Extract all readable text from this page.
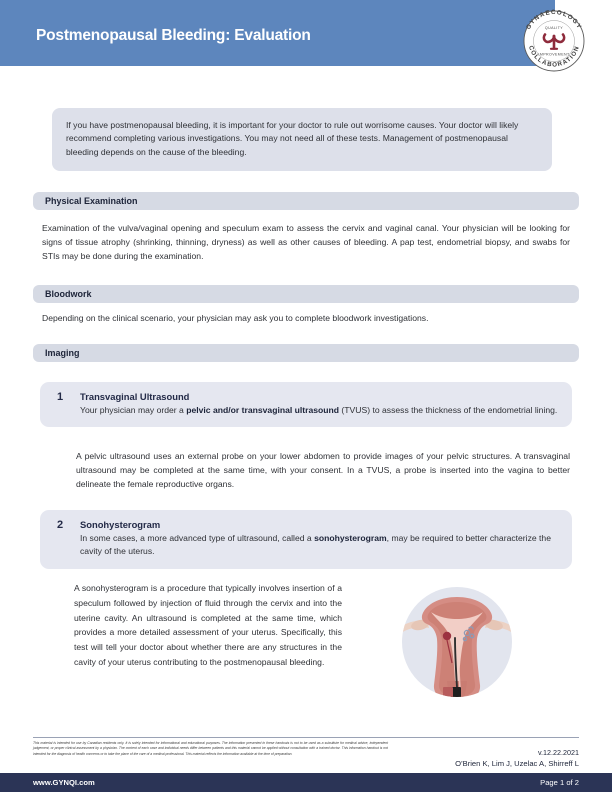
Postmenopausal Bleeding: Evaluation
GYNAECOLOGY
COLLABORATION
QUALITY
IMPROVEMENT
If you have postmenopausal bleeding, it is important for your doctor to rule out worrisome causes. Your doctor will likely recommend completing various investigations. You may not need all of these tests. Management of postmenopausal bleeding depends on the cause of the bleeding.
Physical Examination
Examination of the vulva/vaginal opening and speculum exam to assess the cervix and vaginal canal. Your physician will be looking for signs of tissue atrophy (shrinking, thinning, dryness) as well as other causes of bleeding. A pap test, endometrial biopsy, and swabs for STIs may be done during the examination.
Bloodwork
Depending on the clinical scenario, your physician may ask you to complete bloodwork investigations.
Imaging
1 Transvaginal Ultrasound
Your physician may order a pelvic and/or transvaginal ultrasound (TVUS) to assess the thickness of the endometrial lining.
A pelvic ultrasound uses an external probe on your lower abdomen to provide images of your pelvic structures. A transvaginal ultrasound may be completed at the same time, with your consent. In a TVUS, a probe is inserted into the vagina to better delineate the female reproductive organs.
2 Sonohysterogram
In some cases, a more advanced type of ultrasound, called a sonohysterogram, may be required to better characterize the cavity of the uterus.
A sonohysterogram is a procedure that typically involves insertion of a speculum followed by injection of fluid through the cervix and into the uterine cavity. An ultrasound is completed at the same time, which provides a more detailed assessment of your uterus. Specifically, this test will tell your doctor about whether there are any structures in the cavity of your uterus contributing to the postmenopausal bleeding.
This material is intended for use by Canadian residents only. It is solely intended for informational and educational purposes. The information presented in these handouts is not to be used as a substitute for medical advice, independent judgement, or proper clinical assessment by a physician. The content of each case and individual needs differ between patients and this material cannot be applied without consultation with a trained doctor. This information handout is not intended for the diagnosis of health concerns or to take the place of the care of a medical professional. This material reflects the information available at the time of preparation.	v.12.22.2021
O’Brien K, Lim J, Uzelac A, Shirreff L
www.GYNQI.com	Page 1 of 2
